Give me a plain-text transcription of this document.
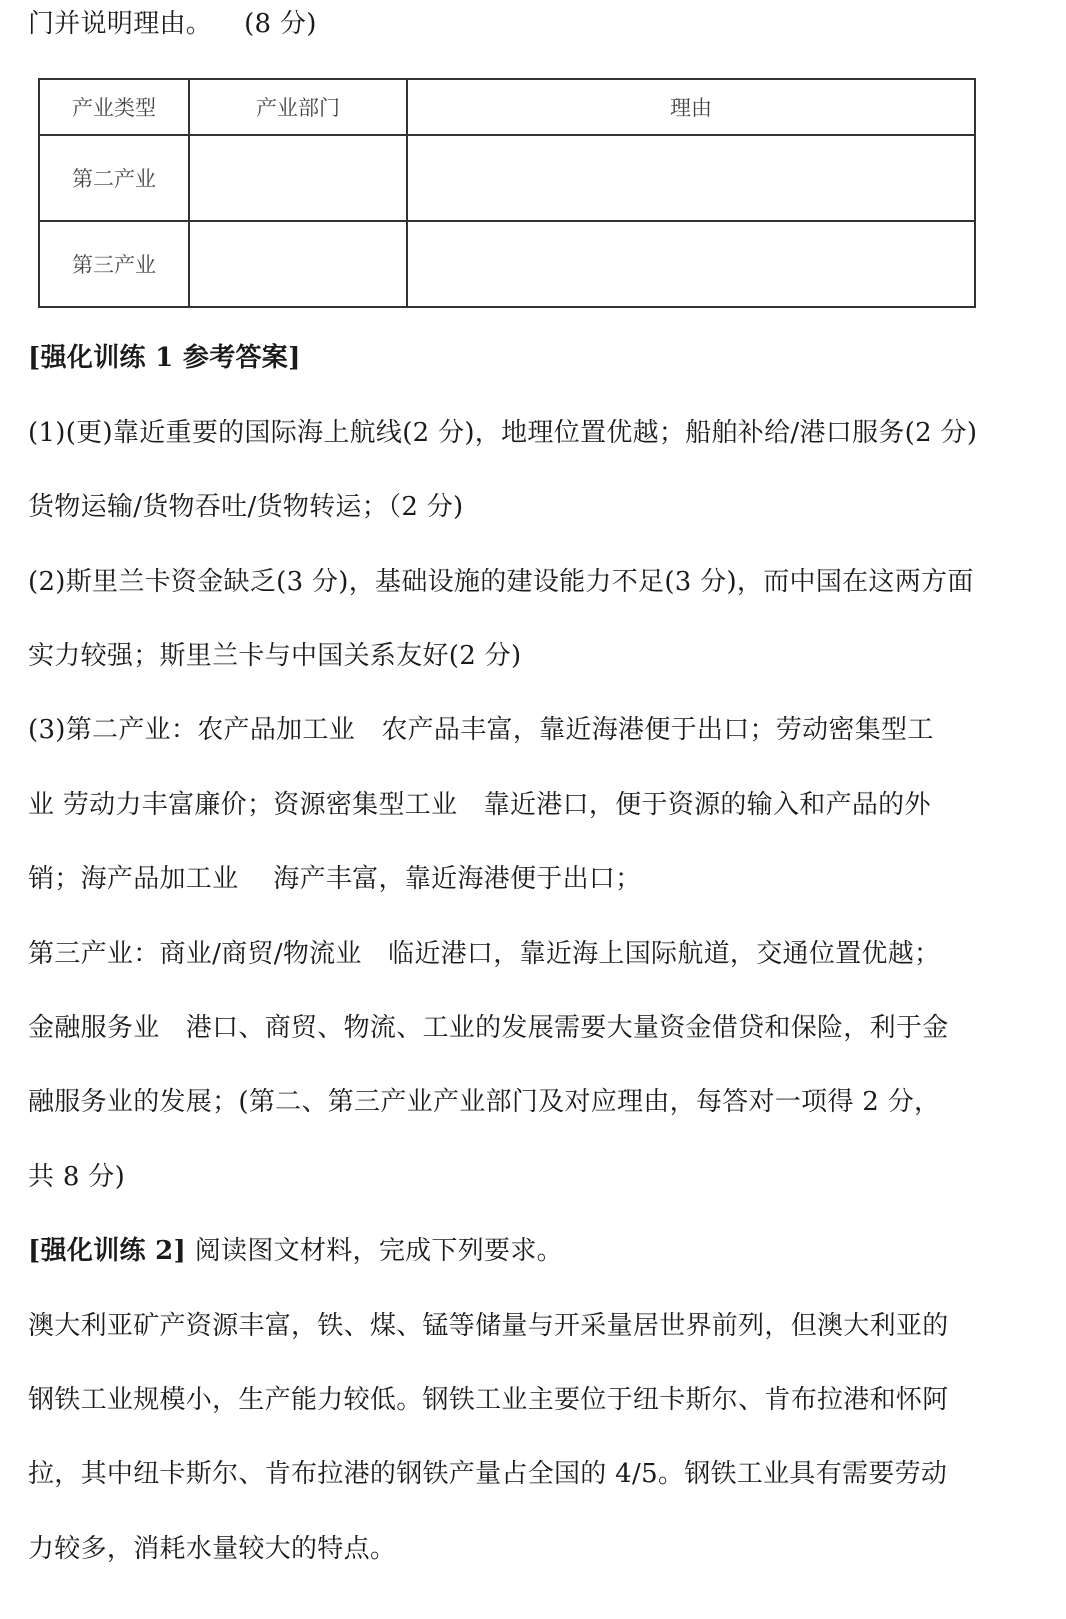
门并说明理由。 (8 分)
产业类型	产业部门	理由
第二产业		
第三产业		
[强化训练 1 参考答案]
(1)(更)靠近重要的国际海上航线(2 分)，地理位置优越；船舶补给/港口服务(2 分)
货物运输/货物吞吐/货物转运；（2 分)
(2)斯里兰卡资金缺乏(3 分)，基础设施的建设能力不足(3 分)，而中国在这两方面
实力较强；斯里兰卡与中国关系友好(2 分)
(3)第二产业：农产品加工业　农产品丰富，靠近海港便于出口；劳动密集型工
业 劳动力丰富廉价；资源密集型工业　靠近港口，便于资源的输入和产品的外
销；海产品加工业　 海产丰富，靠近海港便于出口；
第三产业：商业/商贸/物流业　临近港口，靠近海上国际航道，交通位置优越；
金融服务业　港口、商贸、物流、工业的发展需要大量资金借贷和保险，利于金
融服务业的发展；(第二、第三产业产业部门及对应理由，每答对一项得 2 分，
共 8 分)
[强化训练 2] 阅读图文材料，完成下列要求。
澳大利亚矿产资源丰富，铁、煤、锰等储量与开采量居世界前列，但澳大利亚的
钢铁工业规模小，生产能力较低。钢铁工业主要位于纽卡斯尔、肯布拉港和怀阿
拉，其中纽卡斯尔、肯布拉港的钢铁产量占全国的 4/5。钢铁工业具有需要劳动
力较多，消耗水量较大的特点。
